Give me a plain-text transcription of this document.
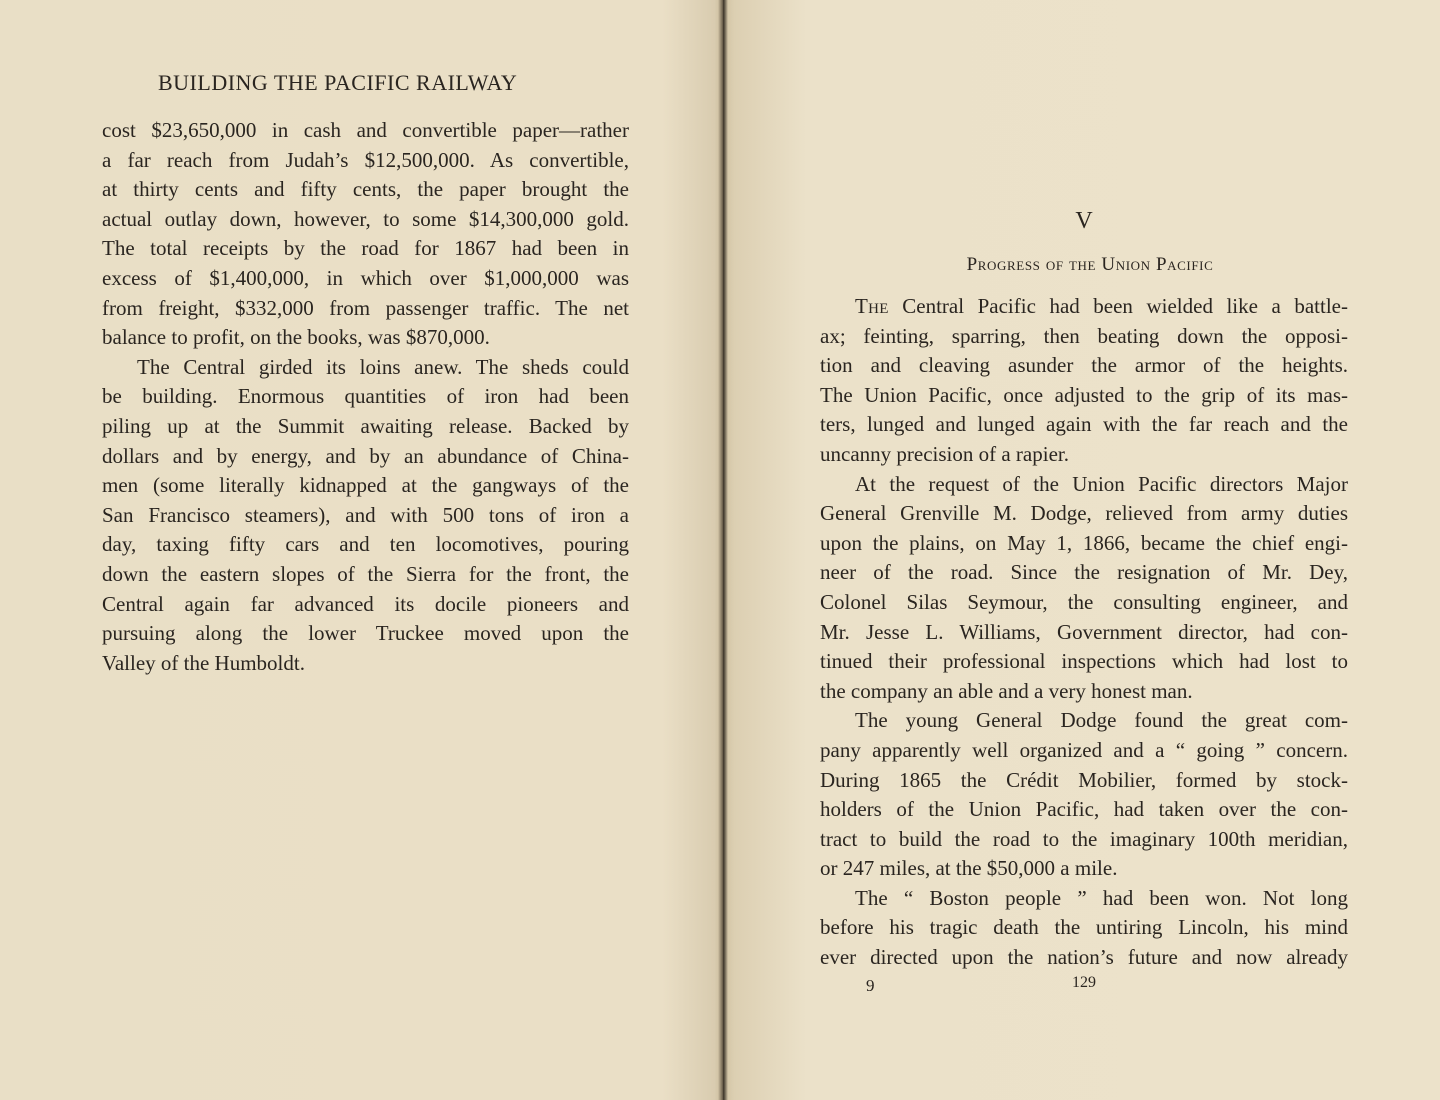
BUILDING THE PACIFIC RAILWAY

cost $23,650,000 in cash and convertible paper—rather

a far reach from Judah’s $12,500,000. As convertible,

at thirty cents and fifty cents, the paper brought the

actual outlay down, however, to some $14,300,000 gold.

The total receipts by the road for 1867 had been in

excess of $1,400,000, in which over $1,000,000 was

from freight, $332,000 from passenger traffic. The net

balance to profit, on the books, was $870,000.

The Central girded its loins anew. The sheds could

be building. Enormous quantities of iron had been

piling up at the Summit awaiting release. Backed by

dollars and by energy, and by an abundance of China-

men (some literally kidnapped at the gangways of the

San Francisco steamers), and with 500 tons of iron a

day, taxing fifty cars and ten locomotives, pouring

down the eastern slopes of the Sierra for the front, the

Central again far advanced its docile pioneers and

pursuing along the lower Truckee moved upon the

Valley of the Humboldt.

V
Progress of the Union Pacific

The Central Pacific had been wielded like a battle-

ax; feinting, sparring, then beating down the opposi-

tion and cleaving asunder the armor of the heights.

The Union Pacific, once adjusted to the grip of its mas-

ters, lunged and lunged again with the far reach and the

uncanny precision of a rapier.

At the request of the Union Pacific directors Major

General Grenville M. Dodge, relieved from army duties

upon the plains, on May 1, 1866, became the chief engi-

neer of the road. Since the resignation of Mr. Dey,

Colonel Silas Seymour, the consulting engineer, and

Mr. Jesse L. Williams, Government director, had con-

tinued their professional inspections which had lost to

the company an able and a very honest man.

The young General Dodge found the great com-

pany apparently well organized and a “ going ” concern.

During 1865 the Crédit Mobilier, formed by stock-

holders of the Union Pacific, had taken over the con-

tract to build the road to the imaginary 100th meridian,

or 247 miles, at the $50,000 a mile.

The “ Boston people ” had been won. Not long

before his tragic death the untiring Lincoln, his mind

ever directed upon the nation’s future and now already

9	129
